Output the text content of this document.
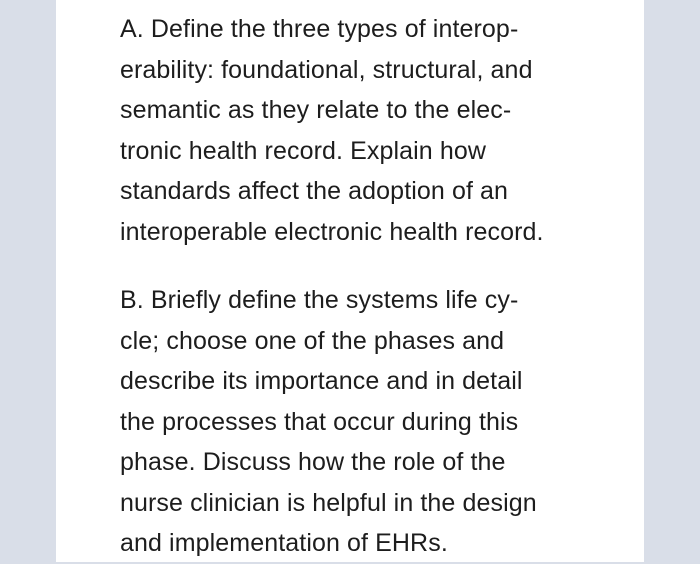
A. Define the three types of interop-
erability: foundational, structural, and
semantic as they relate to the elec-
tronic health record. Explain how
standards affect the adoption of an
interoperable electronic health record.

B. Briefly define the systems life cy-
cle; choose one of the phases and
describe its importance and in detail
the processes that occur during this
phase. Discuss how the role of the
nurse clinician is helpful in the design
and implementation of EHRs.
